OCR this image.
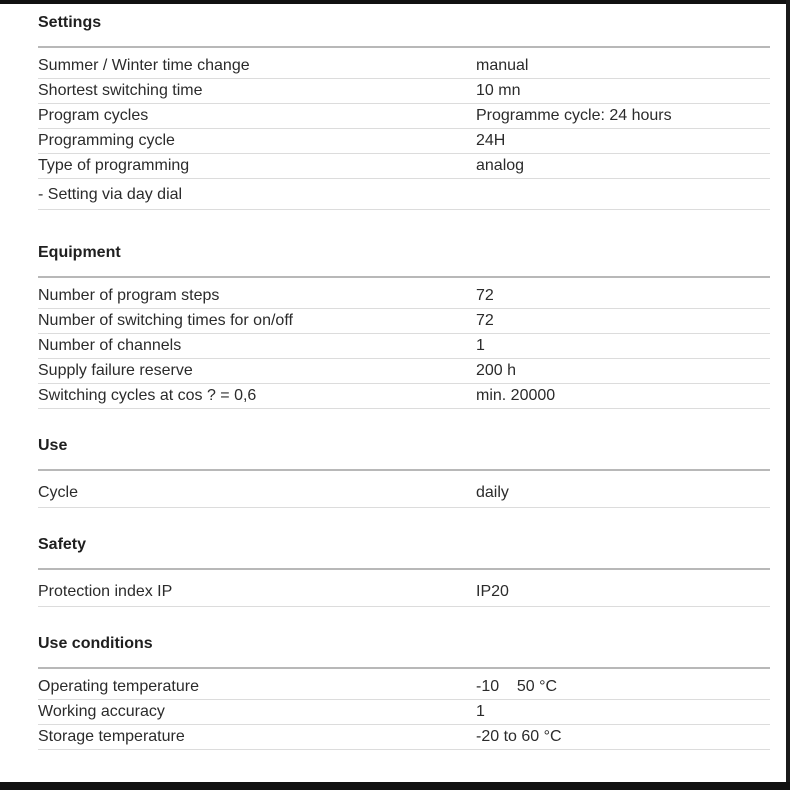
Settings
Summer / Winter time change	manual
Shortest switching time	10 mn
Program cycles	Programme cycle: 24 hours
Programming cycle	24H
Type of programming	analog
- Setting via day dial
Equipment
Number of program steps	72
Number of switching times for on/off	72
Number of channels	1
Supply failure reserve	200 h
Switching cycles at cos ? = 0,6	min. 20000
Use
Cycle	daily
Safety
Protection index IP	IP20
Use conditions
Operating temperature	-10    50 °C
Working accuracy	1
Storage temperature	-20 to 60 °C
